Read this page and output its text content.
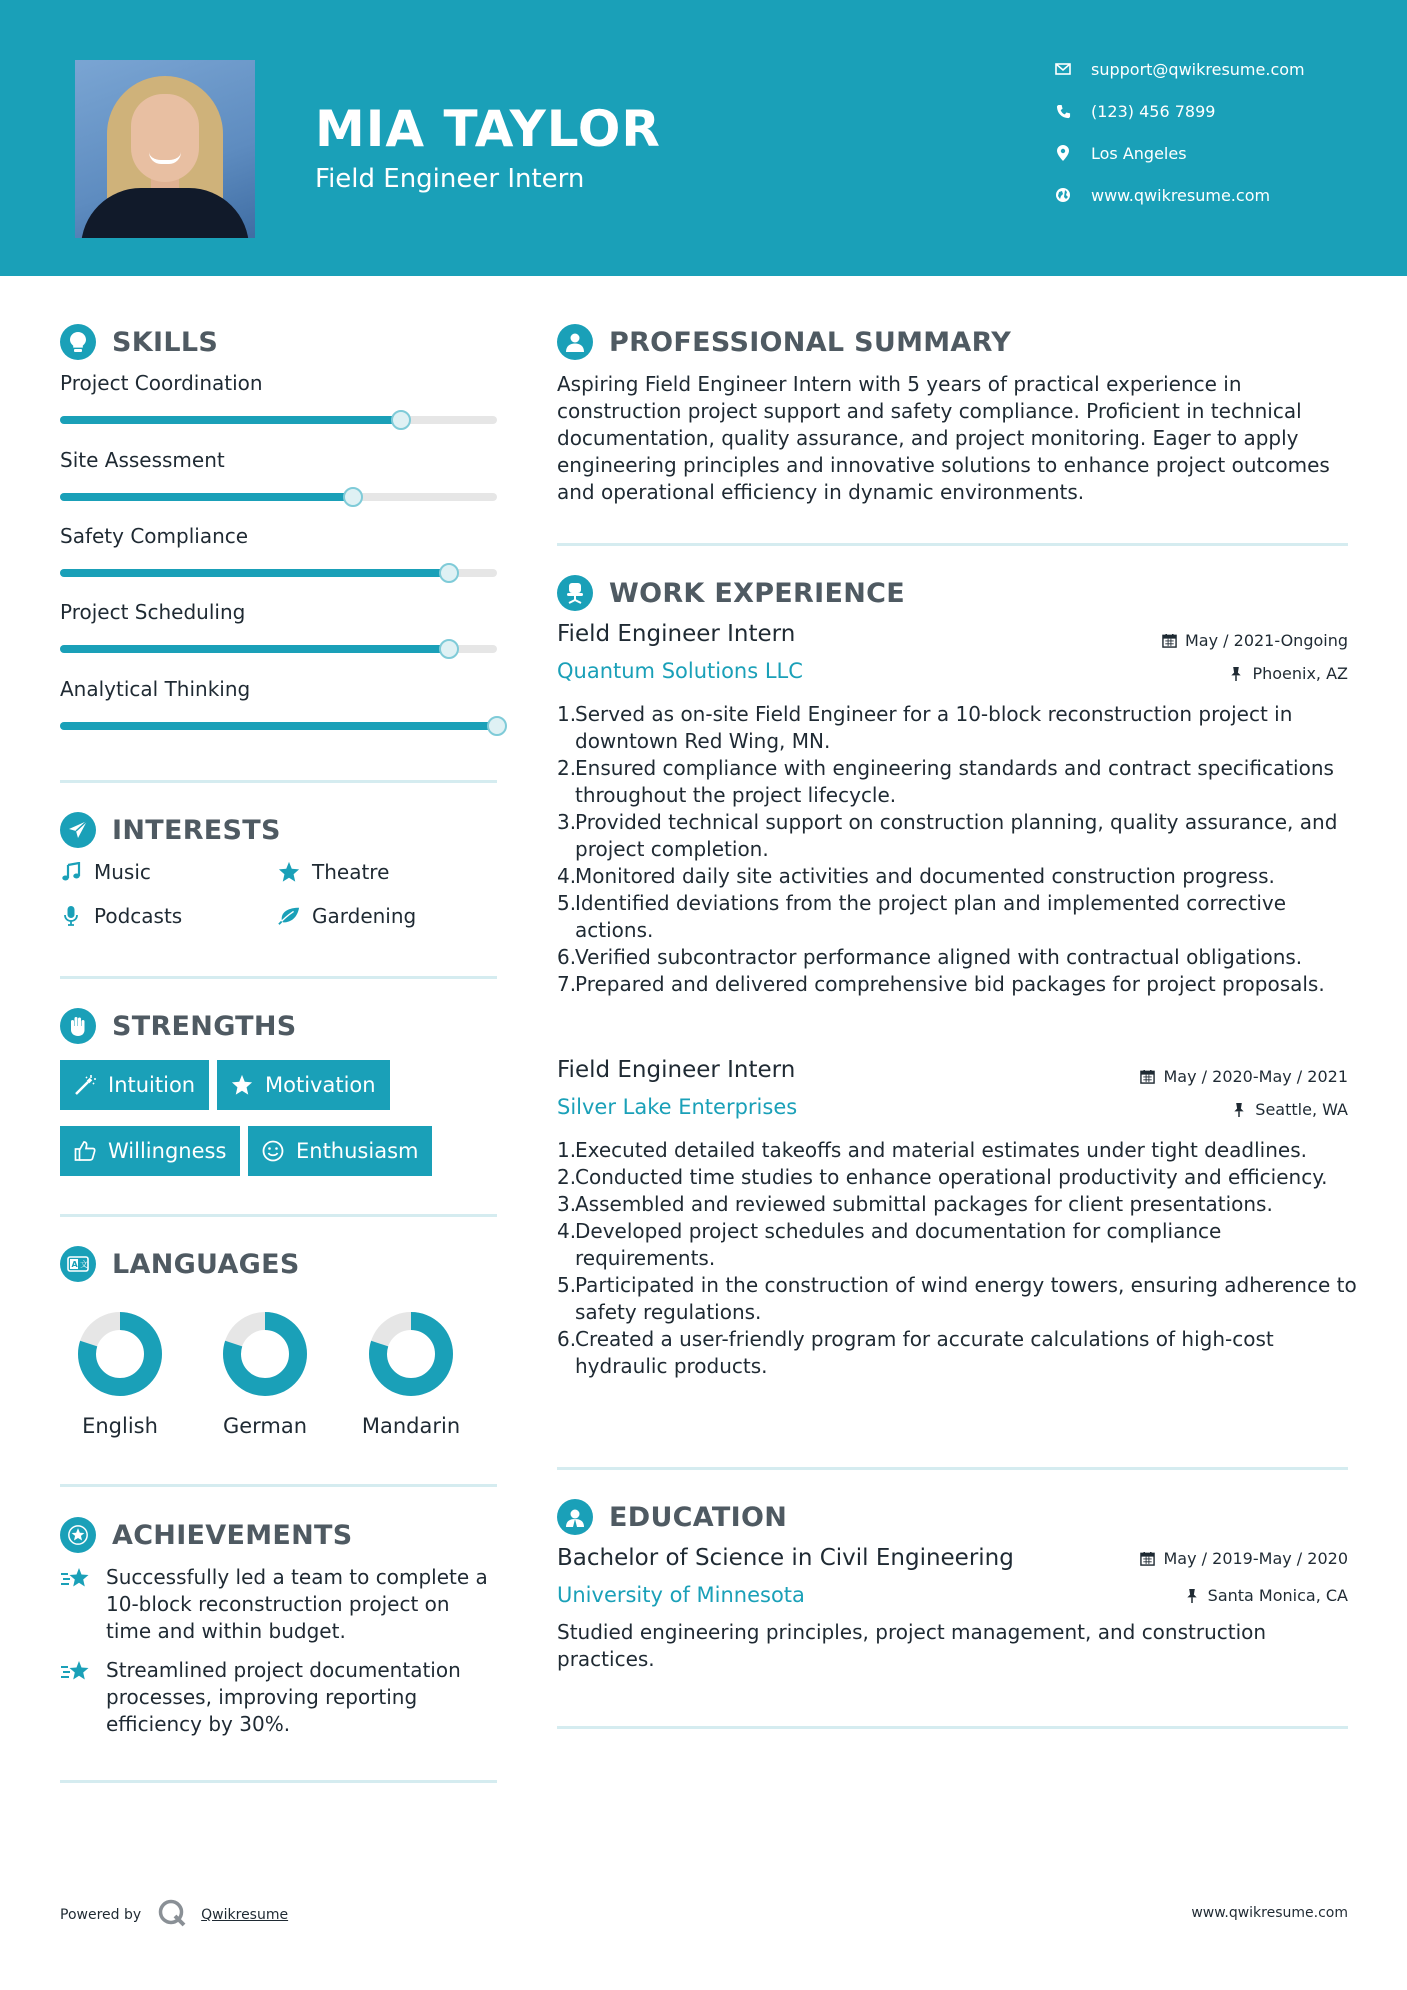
MIA TAYLOR
Field Engineer Intern
support@qwikresume.com
(123) 456 7899
Los Angeles
www.qwikresume.com
SKILLS
Project Coordination
Site Assessment
Safety Compliance
Project Scheduling
Analytical Thinking
INTERESTS
Music	Theatre
Podcasts	Gardening
STRENGTHS
Intuition	Motivation
Willingness	Enthusiasm
A 文 LANGUAGES
English	German	Mandarin
ACHIEVEMENTS
Successfully led a team to complete a 10-block reconstruction project on time and within budget.
Streamlined project documentation processes, improving reporting efficiency by 30%.
PROFESSIONAL SUMMARY
Aspiring Field Engineer Intern with 5 years of practical experience in construction project support and safety compliance. Proficient in technical documentation, quality assurance, and project monitoring. Eager to apply engineering principles and innovative solutions to enhance project outcomes and operational efficiency in dynamic environments.
WORK EXPERIENCE
Field Engineer Intern	May / 2021-Ongoing
Quantum Solutions LLC	Phoenix, AZ
1.
Served as on-site Field Engineer for a 10-block reconstruction project in downtown Red Wing, MN.
2.
Ensured compliance with engineering standards and contract specifications throughout the project lifecycle.
3.
Provided technical support on construction planning, quality assurance, and project completion.
4.
Monitored daily site activities and documented construction progress.
5.
Identified deviations from the project plan and implemented corrective actions.
6.
Verified subcontractor performance aligned with contractual obligations.
7.
Prepared and delivered comprehensive bid packages for project proposals.
Field Engineer Intern	May / 2020-May / 2021
Silver Lake Enterprises	Seattle, WA
1.
Executed detailed takeoffs and material estimates under tight deadlines.
2.
Conducted time studies to enhance operational productivity and efficiency.
3.
Assembled and reviewed submittal packages for client presentations.
4.
Developed project schedules and documentation for compliance requirements.
5.
Participated in the construction of wind energy towers, ensuring adherence to safety regulations.
6.
Created a user-friendly program for accurate calculations of high-cost hydraulic products.
EDUCATION
Bachelor of Science in Civil Engineering	May / 2019-May / 2020
University of Minnesota	Santa Monica, CA
Studied engineering principles, project management, and construction practices.
Powered by	Qwikresume	www.qwikresume.com
